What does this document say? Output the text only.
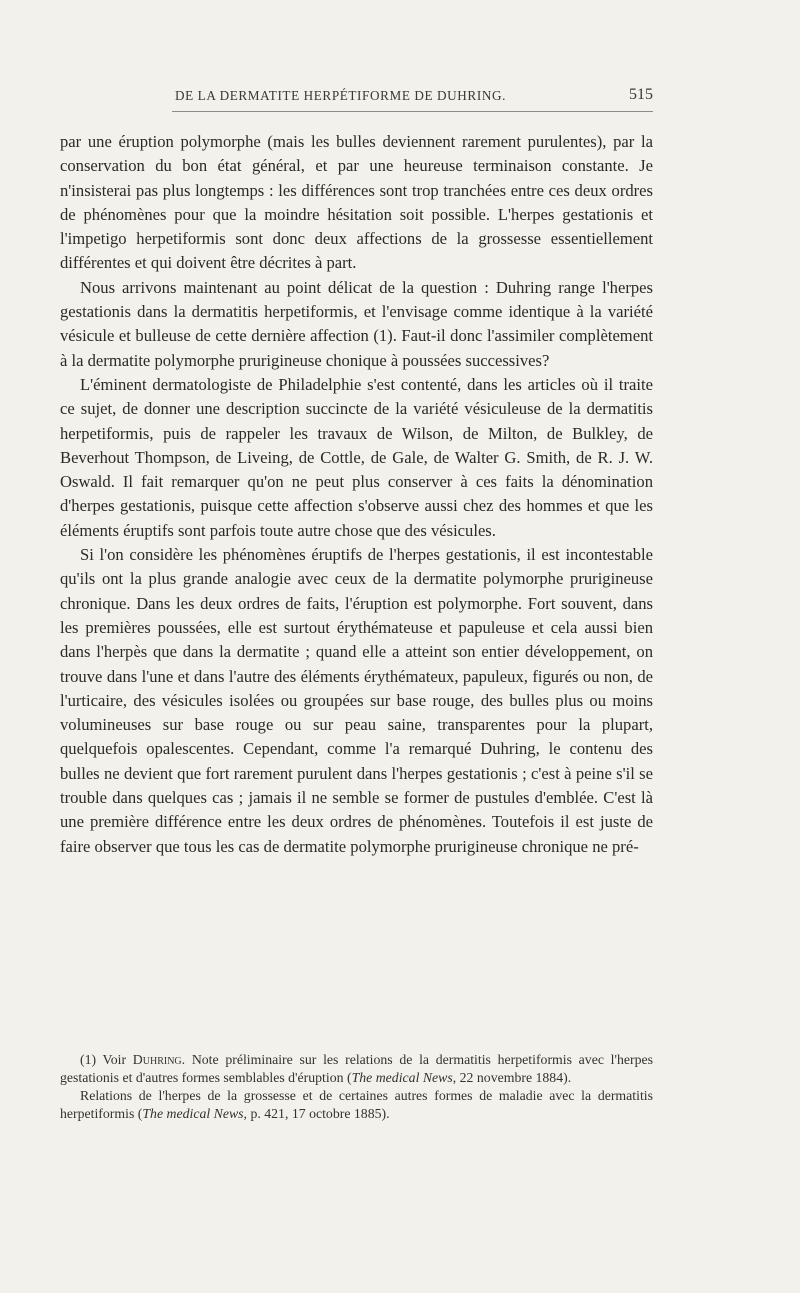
DE LA DERMATITE HERPÉTIFORME DE DUHRING.	515

par une éruption polymorphe (mais les bulles deviennent rarement purulentes), par la conservation du bon état général, et par une heureuse terminaison constante. Je n'insisterai pas plus longtemps : les différences sont trop tranchées entre ces deux ordres de phénomènes pour que la moindre hésitation soit possible. L'herpes gestationis et l'impetigo herpetiformis sont donc deux affections de la grossesse essentiellement différentes et qui doivent être décrites à part.

Nous arrivons maintenant au point délicat de la question : Duhring range l'herpes gestationis dans la dermatitis herpetiformis, et l'envisage comme identique à la variété vésicule et bulleuse de cette dernière affection (1). Faut-il donc l'assimiler complètement à la dermatite polymorphe prurigineuse chonique à poussées successives?

L'éminent dermatologiste de Philadelphie s'est contenté, dans les articles où il traite ce sujet, de donner une description succincte de la variété vésiculeuse de la dermatitis herpetiformis, puis de rappeler les travaux de Wilson, de Milton, de Bulkley, de Beverhout Thompson, de Liveing, de Cottle, de Gale, de Walter G. Smith, de R. J. W. Oswald. Il fait remarquer qu'on ne peut plus conserver à ces faits la dénomination d'herpes gestationis, puisque cette affection s'observe aussi chez des hommes et que les éléments éruptifs sont parfois toute autre chose que des vésicules.

Si l'on considère les phénomènes éruptifs de l'herpes gestationis, il est incontestable qu'ils ont la plus grande analogie avec ceux de la dermatite polymorphe prurigineuse chronique. Dans les deux ordres de faits, l'éruption est polymorphe. Fort souvent, dans les premières poussées, elle est surtout érythémateuse et papuleuse et cela aussi bien dans l'herpès que dans la dermatite ; quand elle a atteint son entier développement, on trouve dans l'une et dans l'autre des éléments érythémateux, papuleux, figurés ou non, de l'urticaire, des vésicules isolées ou groupées sur base rouge, des bulles plus ou moins volumineuses sur base rouge ou sur peau saine, transparentes pour la plupart, quelquefois opalescentes. Cependant, comme l'a remarqué Duhring, le contenu des bulles ne devient que fort rarement purulent dans l'herpes gestationis ; c'est à peine s'il se trouble dans quelques cas ; jamais il ne semble se former de pustules d'emblée. C'est là une première différence entre les deux ordres de phénomènes. Toutefois il est juste de faire observer que tous les cas de dermatite polymorphe prurigineuse chronique ne pré-

(1) Voir Duhring. Note préliminaire sur les relations de la dermatitis herpetiformis avec l'herpes gestationis et d'autres formes semblables d'éruption (The medical News, 22 novembre 1884).

Relations de l'herpes de la grossesse et de certaines autres formes de maladie avec la dermatitis herpetiformis (The medical News, p. 421, 17 octobre 1885).
